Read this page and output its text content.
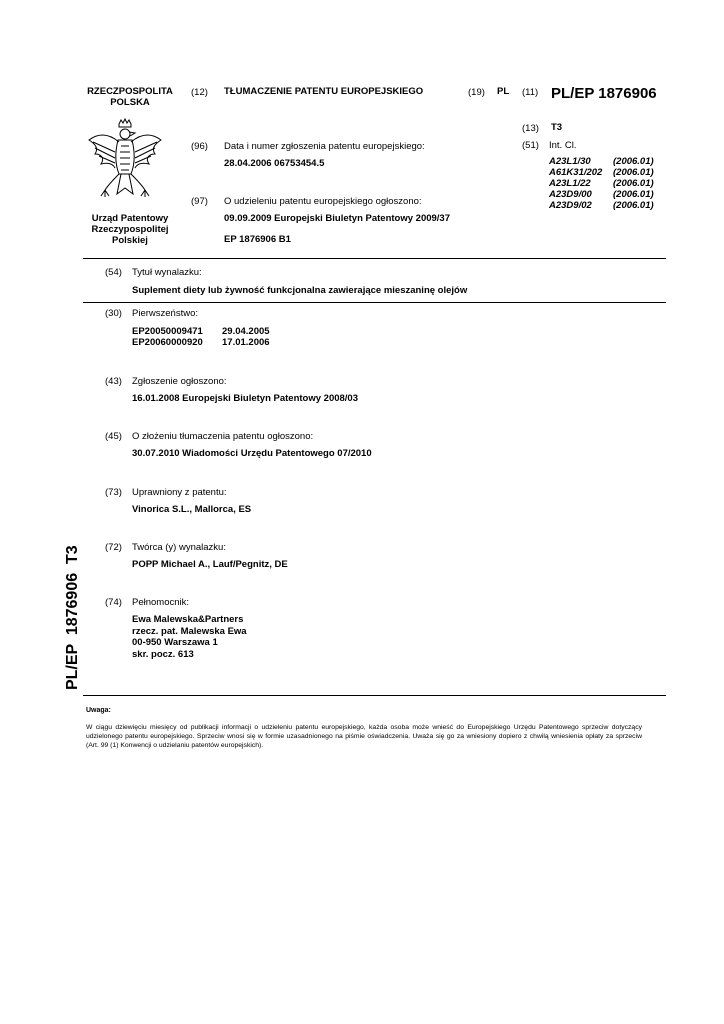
RZECZPOSPOLITA
POLSKA
Urząd Patentowy
Rzeczypospolitej
Polskiej
(12) TŁUMACZENIE PATENTU EUROPEJSKIEGO	(19) PL (11) PL/EP 1876906
(13) T3
(51) Int. Cl.
A23L1/30 (2006.01)
A61K31/202 (2006.01)
A23L1/22 (2006.01)
A23D9/00 (2006.01)
A23D9/02 (2006.01)
(96) Data i numer zgłoszenia patentu europejskiego:
28.04.2006 06753454.5
(97) O udzieleniu patentu europejskiego ogłoszono:
09.09.2009 Europejski Biuletyn Patentowy 2009/37
EP 1876906 B1
(54) Tytuł wynalazku:
Suplement diety lub żywność funkcjonalna zawierające mieszaninę olejów
(30) Pierwszeństwo:
EP20050009471 29.04.2005
EP20060000920 17.01.2006
(43) Zgłoszenie ogłoszono:
16.01.2008 Europejski Biuletyn Patentowy 2008/03
(45) O złożeniu tłumaczenia patentu ogłoszono:
30.07.2010 Wiadomości Urzędu Patentowego 07/2010
(73) Uprawniony z patentu:
Vinorica S.L., Mallorca, ES
(72) Twórca (y) wynalazku:
POPP Michael A., Lauf/Pegnitz, DE
(74) Pełnomocnik:
Ewa Malewska&Partners
rzecz. pat. Malewska Ewa
00-950 Warszawa 1
skr. pocz. 613
PL/EP  1876906  T3
Uwaga:
W ciągu dziewięciu miesięcy od publikacji informacji o udzieleniu patentu europejskiego, każda osoba może wnieść do Europejskiego Urzędu Patentowego sprzeciw dotyczący udzielonego patentu europejskiego. Sprzeciw wnosi się w formie uzasadnionego na piśmie oświadczenia. Uważa się go za wniesiony dopiero z chwilą wniesienia opłaty za sprzeciw (Art. 99 (1) Konwencji o udzielaniu patentów europejskich).
